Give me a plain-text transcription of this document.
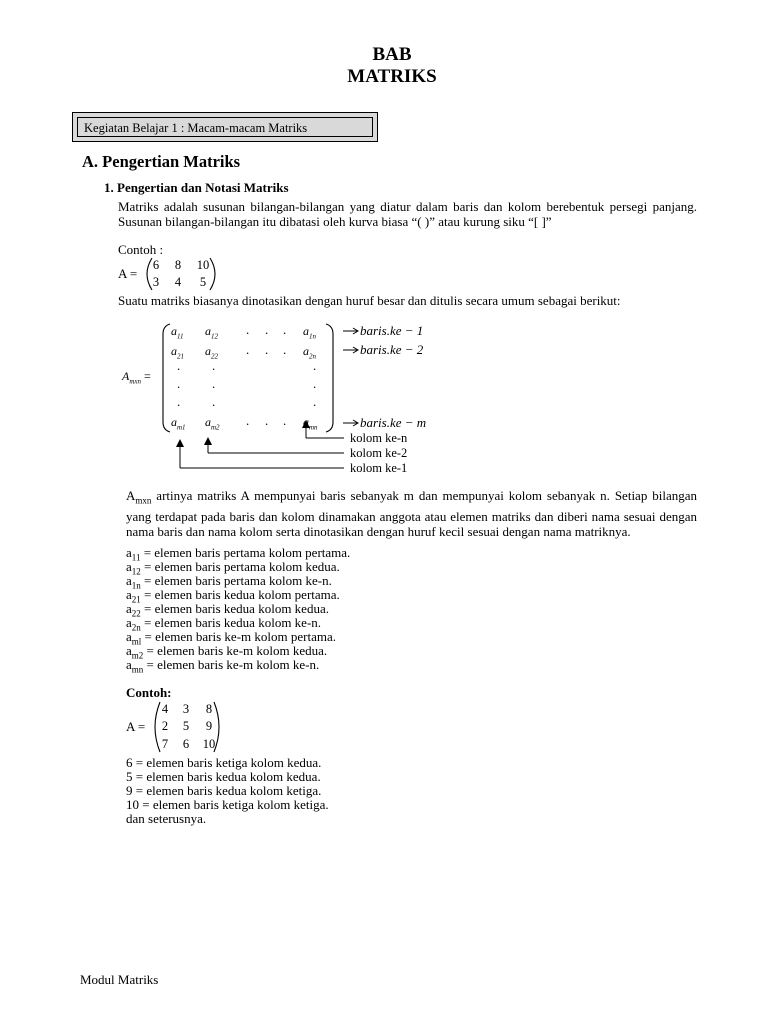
BAB
MATRIKS
Kegiatan Belajar 1 : Macam-macam Matriks
A. Pengertian Matriks
1. Pengertian dan Notasi Matriks
Matriks adalah susunan bilangan-bilangan yang diatur dalam baris dan kolom berebentuk persegi panjang. Susunan bilangan-bilangan itu dibatasi oleh kurva biasa “( )” atau kurung siku “[ ]”
Contoh :
A =
6	8	10
3	4	5
Suatu matriks biasanya dinotasikan dengan huruf besar dan ditulis secara umum sebagai berikut:
$A_{mxn}$ =
$a_{11}$ $a_{12}$ . . . $a_{1n}$
$a_{21}$ $a_{22}$ . . . $a_{2n}$
. .	.
. .	.
. .	.
$a_{m1}$ $a_{m2}$ . . . $a_{mn}$
baris.ke − 1
baris.ke − 2
baris.ke − m
kolom ke-n
kolom ke-2
kolom ke-1
$A_{mxn}$ artinya matriks A mempunyai baris sebanyak m dan mempunyai kolom sebanyak n. Setiap bilangan yang terdapat pada baris dan kolom dinamakan anggota atau elemen matriks dan diberi nama sesuai dengan nama baris dan nama kolom serta dinotasikan dengan huruf kecil sesuai dengan nama matriknya.
$a_{11}$ = elemen baris pertama kolom pertama.
$a_{12}$ = elemen baris pertama kolom kedua.
$a_{1n}$ = elemen baris pertama kolom ke-n.
$a_{21}$ = elemen baris kedua kolom pertama.
$a_{22}$ = elemen baris kedua kolom kedua.
$a_{2n}$ = elemen baris kedua kolom ke-n.
$a_{ml}$ = elemen baris ke-m kolom pertama.
$a_{m2}$ = elemen baris ke-m kolom kedua.
$a_{mn}$ = elemen baris ke-m kolom ke-n.
Contoh:
A =
4	3	8
2	5	9
7	6	10
6 = elemen baris ketiga kolom kedua.
5 = elemen baris kedua kolom kedua.
9 = elemen baris kedua kolom ketiga.
10 = elemen baris ketiga kolom ketiga.
dan seterusnya.
Modul Matriks
